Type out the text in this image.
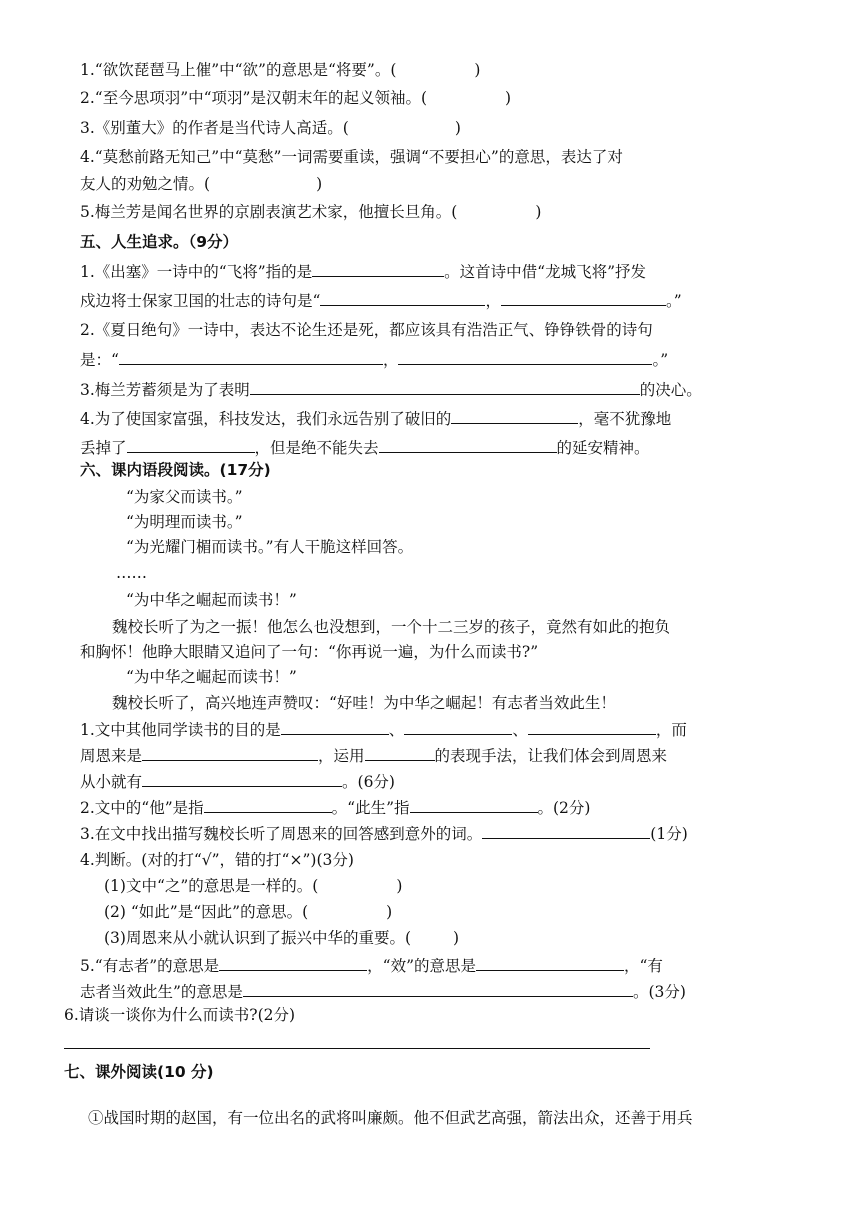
1.“欲饮琵琶马上催”中“欲”的意思是“将要”。(	)
2.“至今思项羽”中“项羽”是汉朝末年的起义领袖。(	)
3.《别董大》的作者是当代诗人高适。(	)
4.“莫愁前路无知己”中“莫愁”一词需要重读，强调“不要担心”的意思，表达了对
友人的劝勉之情。(	)
5.梅兰芳是闻名世界的京剧表演艺术家，他擅长旦角。(	)
五、人生追求。（9分）
1.《出塞》一诗中的“飞将”指的是	。这首诗中借“龙城飞将”抒发
戍边将士保家卫国的壮志的诗句是“	，	。”
2.《夏日绝句》一诗中，表达不论生还是死，都应该具有浩浩正气、铮铮铁骨的诗句
是：“	，	。”
3.梅兰芳蓄须是为了表明	的决心。
4.为了使国家富强，科技发达，我们永远告别了破旧的	，毫不犹豫地
丢掉了	，但是绝不能失去	的延安精神。
六、课内语段阅读。(17分)
“为家父而读书。”
“为明理而读书。”
“为光耀门楣而读书。”有人干脆这样回答。
……
“为中华之崛起而读书！”
魏校长听了为之一振！他怎么也没想到，一个十二三岁的孩子，竟然有如此的抱负
和胸怀！他睁大眼睛又追问了一句：“你再说一遍，为什么而读书?”
“为中华之崛起而读书！”
魏校长听了，高兴地连声赞叹：“好哇！为中华之崛起！有志者当效此生！
1.文中其他同学读书的目的是	、	、	，而
周恩来是	，运用	的表现手法，让我们体会到周恩来
从小就有	。(6分)
2.文中的“他”是指	。“此生”指	。(2分)
3.在文中找出描写魏校长听了周恩来的回答感到意外的词。	(1分)
4.判断。(对的打“√”，错的打“×”)(3分)
(1)文中“之”的意思是一样的。(	)
(2) “如此”是“因此”的意思。(	)
(3)周恩来从小就认识到了振兴中华的重要。(	)
5.“有志者”的意思是	，“效”的意思是	，“有
志者当效此生”的意思是	。(3分)
6.请谈一谈你为什么而读书?(2分)
七、课外阅读(10 分)
①战国时期的赵国，有一位出名的武将叫廉颇。他不但武艺高强，箭法出众，还善于用兵
